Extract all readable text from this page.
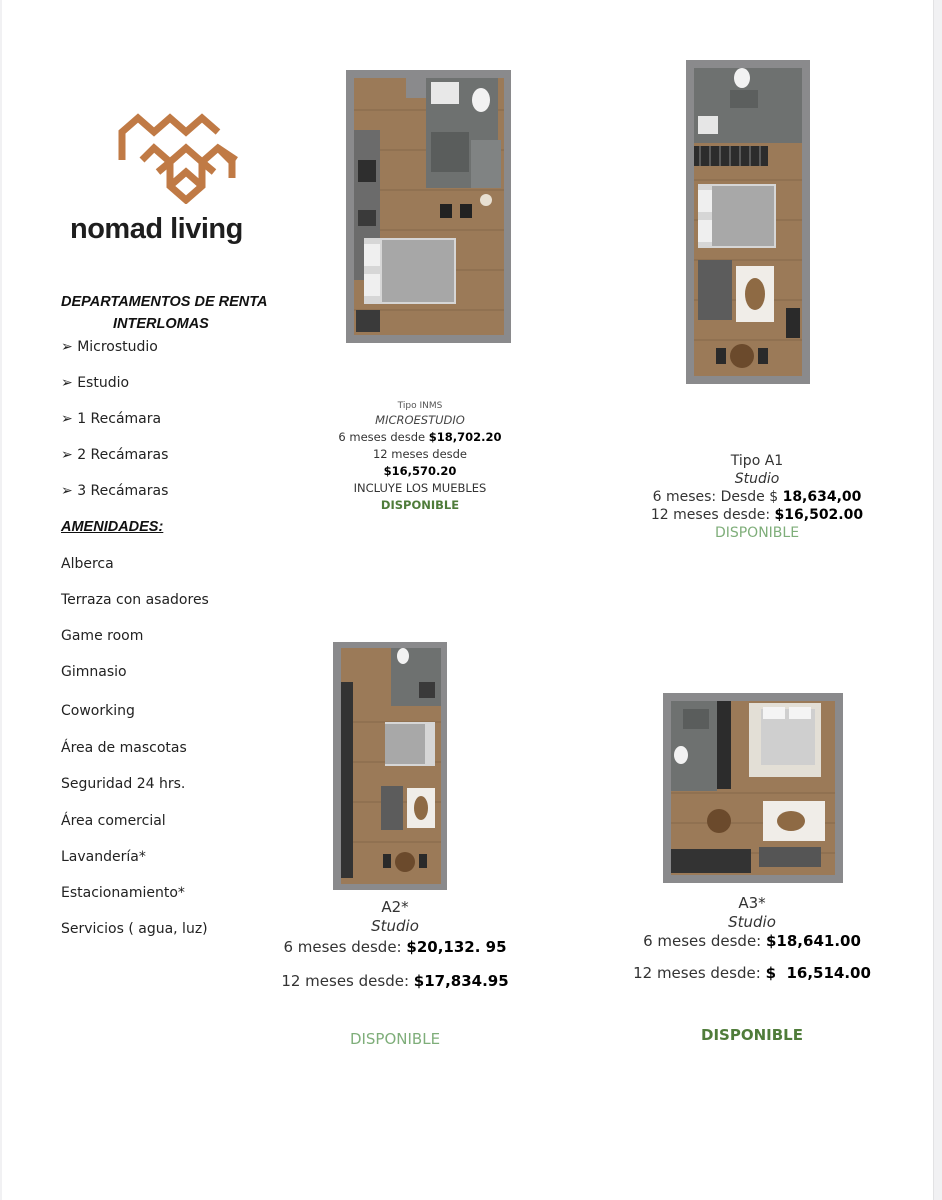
nomad living
DEPARTAMENTOS DE RENTA
INTERLOMAS
➢ Microstudio
➢ Estudio
➢ 1 Recámara
➢ 2 Recámaras
➢ 3 Recámaras
AMENIDADES:
Alberca
Terraza con asadores
Game room
Gimnasio
Coworking
Área de mascotas
Seguridad 24 hrs.
Área comercial
Lavandería*
Estacionamiento*
Servicios ( agua, luz)
Tipo INMS
MICROESTUDIO
6 meses desde $18,702.20
12 meses desde
$16,570.20
INCLUYE LOS MUEBLES
DISPONIBLE
Tipo A1
Studio
6 meses: Desde $ 18,634,00
12 meses desde: $16,502.00
DISPONIBLE
A2*
Studio
6 meses desde: $20,132. 95
12 meses desde: $17,834.95
DISPONIBLE
A3*
Studio
6 meses desde: $18,641.00
12 meses desde: $  16,514.00
DISPONIBLE
